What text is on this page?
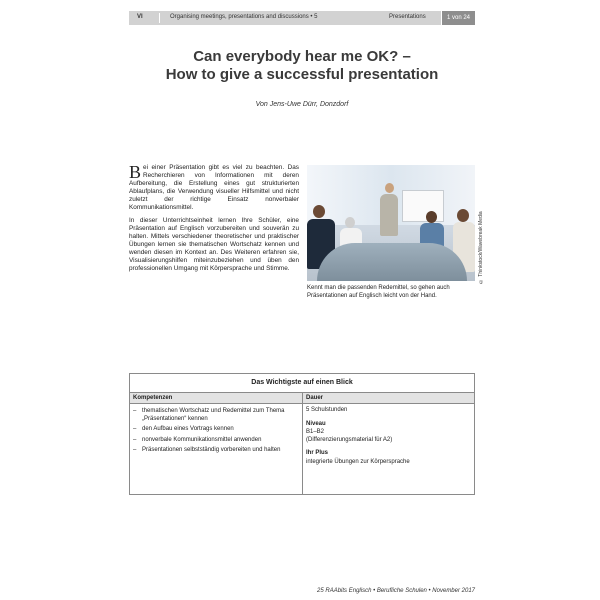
VI	Organising meetings, presentations and discussions • 5	Presentations	1 von 24
Can everybody hear me OK? –
How to give a successful presentation
Von Jens-Uwe Dürr, Donzdorf

Bei einer Präsentation gibt es viel zu beachten. Das Recherchieren von Informationen mit deren Aufbereitung, die Erstellung eines gut strukturierten Ablaufplans, die Verwendung visueller Hilfsmittel und nicht zuletzt der richtige Einsatz nonverbaler Kommunikationsmittel.

In dieser Unterrichtseinheit lernen Ihre Schüler, eine Präsentation auf Englisch vorzubereiten und souverän zu halten. Mittels verschiedener theoretischer und praktischer Übungen lernen sie thematischen Wortschatz kennen und wenden diesen im Kontext an. Des Weiteren erfahren sie, Visualisierungshilfen miteinzubeziehen und üben den professionellen Umgang mit Körpersprache und Stimme.	© Thinkstock/Wavebreak Media
Kennt man die passenden Redemittel, so gehen auch Präsentationen auf Englisch leicht von der Hand.
Das Wichtigste auf einen Blick
Kompetenzen
– thematischen Wortschatz und Redemittel zum Thema „Präsentationen“ kennen
– den Aufbau eines Vortrags kennen
– nonverbale Kommunikationsmittel anwenden
– Präsentationen selbstständig vorbereiten und halten
Dauer
5 Schulstunden
Niveau
B1–B2
(Differenzierungsmaterial für A2)
Ihr Plus
integrierte Übungen zur Körpersprache
25 RAAbits Englisch • Berufliche Schulen • November 2017
